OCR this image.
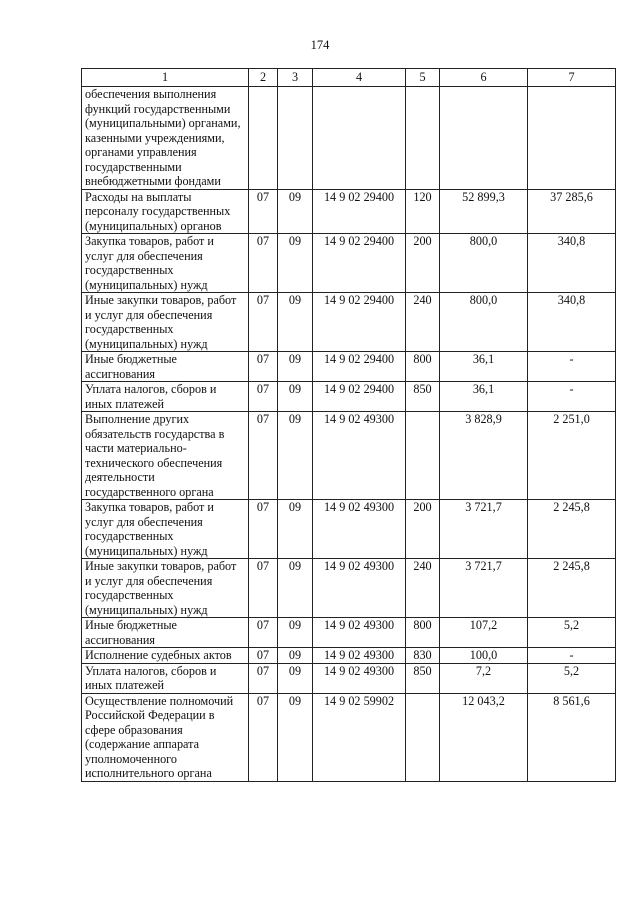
174
1	2	3	4	5	6	7
обеспечения выполнения функций государственными (муниципальными) органами, казенными учреждениями, органами управления государственными внебюджетными фондами						
Расходы на выплаты персоналу государственных (муниципальных) органов	07	09	14 9 02 29400	120	52 899,3	37 285,6
Закупка товаров, работ и услуг для обеспечения государственных (муниципальных) нужд	07	09	14 9 02 29400	200	800,0	340,8
Иные закупки товаров, работ и услуг для обеспечения государственных (муниципальных) нужд	07	09	14 9 02 29400	240	800,0	340,8
Иные бюджетные ассигнования	07	09	14 9 02 29400	800	36,1	-
Уплата налогов, сборов и иных платежей	07	09	14 9 02 29400	850	36,1	-
Выполнение других обязательств государства в части материально-технического обеспечения деятельности государственного органа	07	09	14 9 02 49300		3 828,9	2 251,0
Закупка товаров, работ и услуг для обеспечения государственных (муниципальных) нужд	07	09	14 9 02 49300	200	3 721,7	2 245,8
Иные закупки товаров, работ и услуг для обеспечения государственных (муниципальных) нужд	07	09	14 9 02 49300	240	3 721,7	2 245,8
Иные бюджетные ассигнования	07	09	14 9 02 49300	800	107,2	5,2
Исполнение судебных актов	07	09	14 9 02 49300	830	100,0	-
Уплата налогов, сборов и иных платежей	07	09	14 9 02 49300	850	7,2	5,2
Осуществление полномочий Российской Федерации в сфере образования (содержание аппарата уполномоченного исполнительного органа	07	09	14 9 02 59902		12 043,2	8 561,6
